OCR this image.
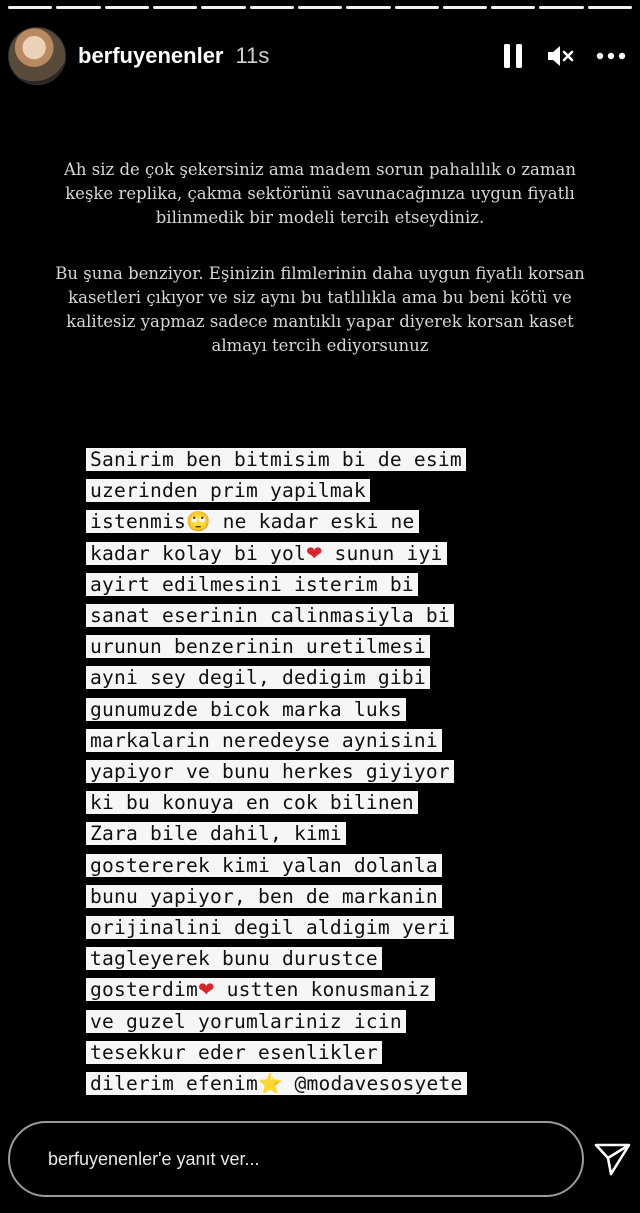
berfuyenenler 11s
Ah siz de çok şekersiniz ama madem sorun pahalılık o zaman keşke replika, çakma sektörünü savunacağınıza uygun fiyatlı bilinmedik bir modeli tercih etseydiniz.
Bu şuna benziyor. Eşinizin filmlerinin daha uygun fiyatlı korsan kasetleri çıkıyor ve siz aynı bu tatlılıkla ama bu beni kötü ve kalitesiz yapmaz sadece mantıklı yapar diyerek korsan kaset almayı tercih ediyorsunuz
Sanirim ben bitmisim bi de esim
uzerinden prim yapilmak
istenmis🙄 ne kadar eski ne
kadar kolay bi yol❤ sunun iyi
ayirt edilmesini isterim bi
sanat eserinin calinmasiyla bi
urunun benzerinin uretilmesi
ayni sey degil, dedigim gibi
gunumuzde bicok marka luks
markalarin neredeyse aynisini
yapiyor ve bunu herkes giyiyor
ki bu konuya en cok bilinen
Zara bile dahil, kimi
gostererek kimi yalan dolanla
bunu yapiyor, ben de markanin
orijinalini degil aldigim yeri
tagleyerek bunu durustce
gosterdim❤ ustten konusmaniz
ve guzel yorumlariniz icin
tesekkur eder esenlikler
dilerim efenim⭐ @modavesosyete
berfuyenenler'e yanıt ver...
